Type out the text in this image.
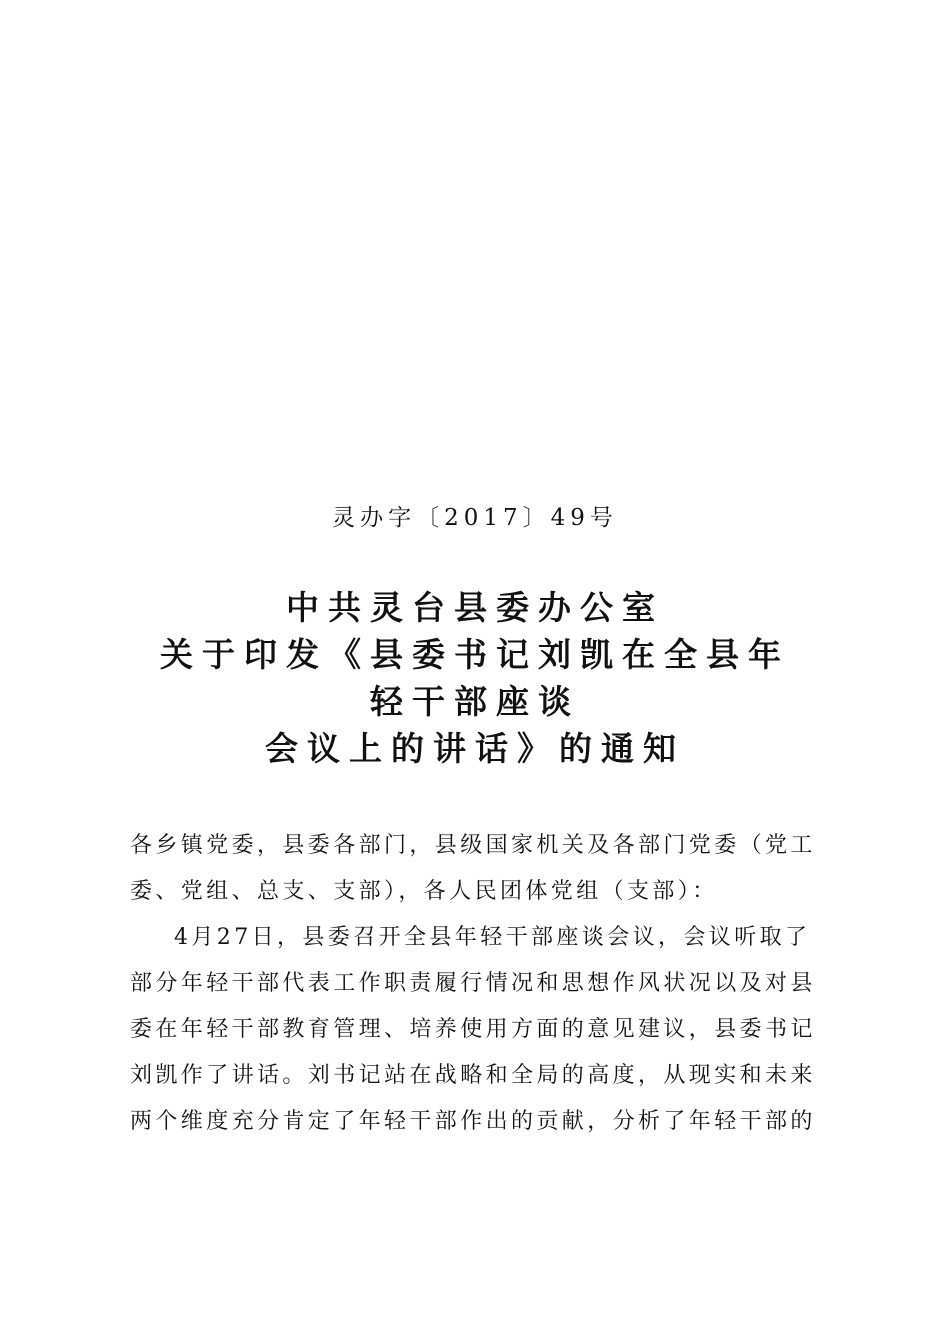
灵办字〔2017〕49号
中共灵台县委办公室
关于印发《县委书记刘凯在全县年
轻干部座谈
会议上的讲话》的通知
各乡镇党委，县委各部门，县级国家机关及各部门党委（党工
委、党组、总支、支部），各人民团体党组（支部）：
4月27日，县委召开全县年轻干部座谈会议，会议听取了
部分年轻干部代表工作职责履行情况和思想作风状况以及对县
委在年轻干部教育管理、培养使用方面的意见建议，县委书记
刘凯作了讲话。刘书记站在战略和全局的高度，从现实和未来
两个维度充分肯定了年轻干部作出的贡献，分析了年轻干部的
